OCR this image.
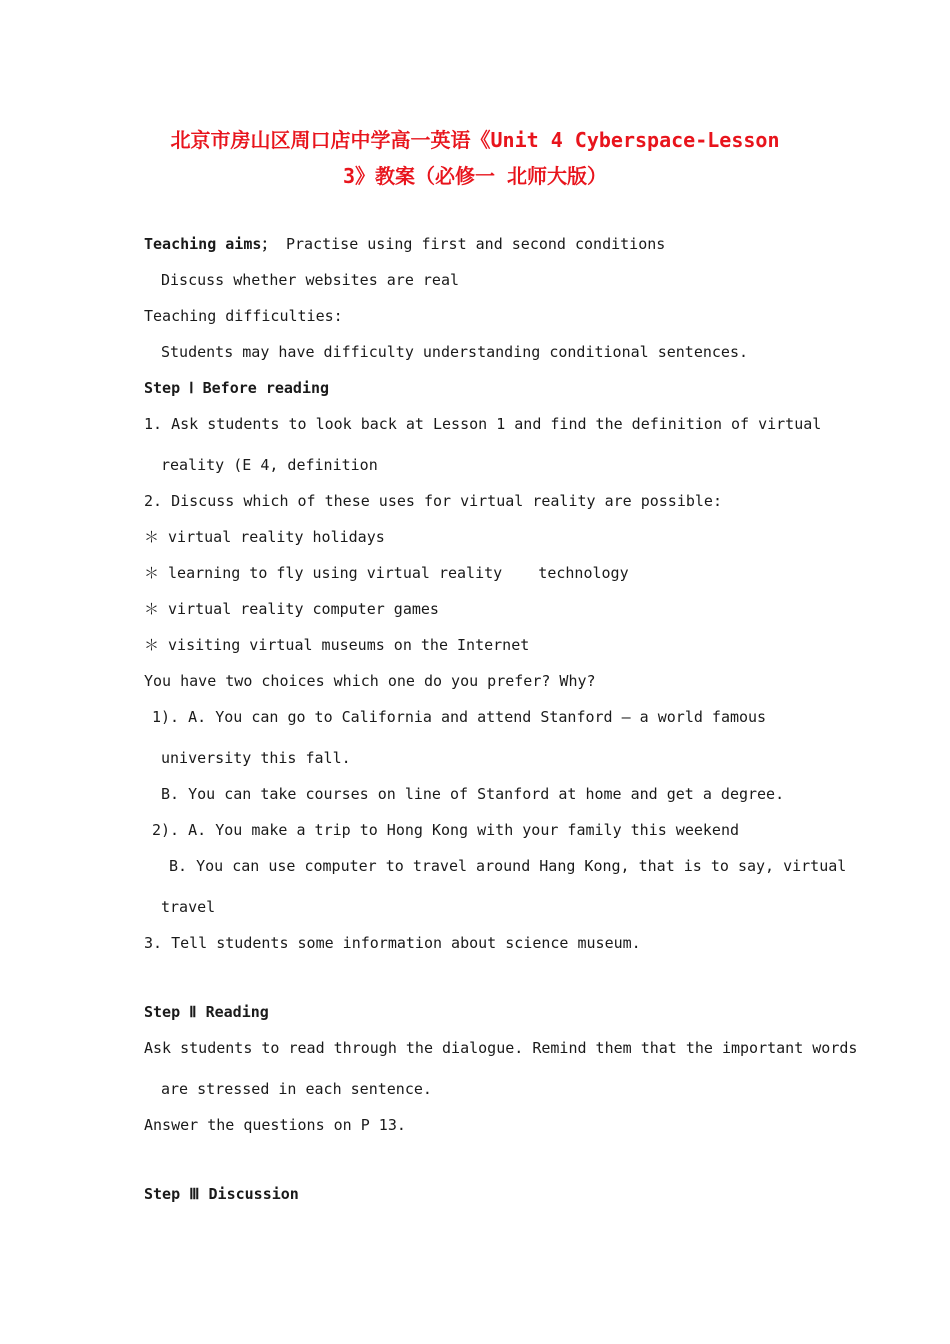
北京市房山区周口店中学高一英语《Unit 4 Cyberspace-Lesson
3》教案（必修一 北师大版）
Teaching aims； Practise using first and second conditions
Discuss whether websites are real
Teaching difficulties:
Students may have difficulty understanding conditional sentences.
Step Ⅰ Before reading
1. Ask students to look back at Lesson 1 and find the definition of virtual
reality (E 4, definition
2. Discuss which of these uses for virtual reality are possible:
＊ virtual reality holidays
＊ learning to fly using virtual reality    technology
＊ virtual reality computer games
＊ visiting virtual museums on the Internet
You have two choices which one do you prefer? Why?
1). A. You can go to California and attend Stanford – a world famous
university this fall.
B. You can take courses on line of Stanford at home and get a degree.
2). A. You make a trip to Hong Kong with your family this weekend
B. You can use computer to travel around Hang Kong, that is to say, virtual
travel
3. Tell students some information about science museum.
Step Ⅱ Reading
Ask students to read through the dialogue. Remind them that the important words
are stressed in each sentence.
Answer the questions on P 13.
Step Ⅲ Discussion
